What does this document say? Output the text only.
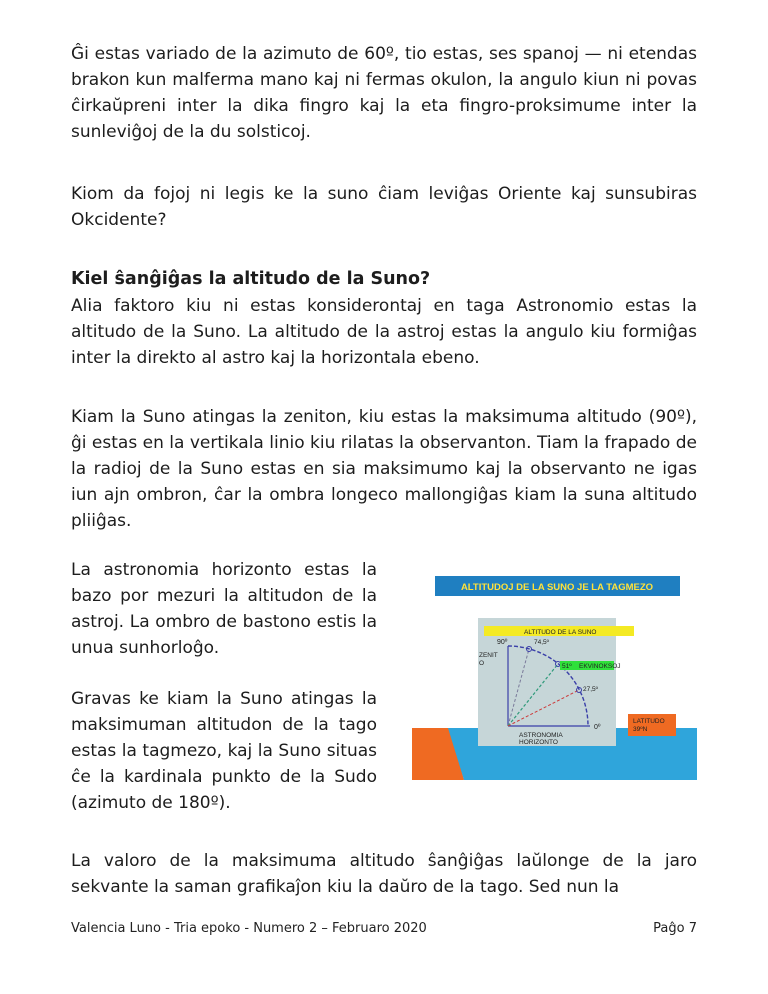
Ĝi estas variado de la azimuto de 60º, tio estas, ses spanoj — ni etendas brakon kun malferma mano kaj ni fermas okulon, la angulo kiun ni povas ĉirkaŭpreni inter la dika fingro kaj la eta fingro-proksimume inter la sunleviĝoj de la du solsticoj.

Kiom da fojoj ni legis ke la suno ĉiam leviĝas Oriente kaj sunsubiras Okcidente?

Kiel ŝanĝiĝas la altitudo de la Suno?

Alia faktoro kiu ni estas konsiderontaj en taga Astronomio estas la altitudo de la Suno. La altitudo de la astroj estas la angulo kiu formiĝas inter la direkto al astro kaj la horizontala ebeno.

Kiam la Suno atingas la zeniton, kiu estas la maksimuma altitudo (90º), ĝi estas en la vertikala linio kiu rilatas la observanton. Tiam la frapado de la radioj de la Suno estas en sia maksimumo kaj la observanto ne igas iun ajn ombron, ĉar la ombra longeco mallongiĝas kiam la suna altitudo pliiĝas.

La astronomia horizonto estas la bazo por mezuri la altitudon de la astroj. La ombro de bastono estis la unua sunhorloĝo.

Gravas ke kiam la Suno atingas la maksimuman altitudon de la tago estas la tagmezo, kaj la Suno situas ĉe la kardinala punkto de la Sudo (azimuto de 180º).

La valoro de la maksimuma altitudo ŝanĝiĝas laŭlonge de la jaro sekvante la saman grafikaĵon kiu la daŭro de la tago. Sed nun la

ALTITUDOJ DE LA SUNO JE LA TAGMEZO
ALTITUDO DE LA SUNO
ZENIT
O
90º	74,5º
51º EKVINOKSOJ
27,5º
0º
ASTRONOMIA
HORIZONTO
LATITUDO
39ºN
Valencia Luno - Tria epoko - Numero 2 – Februaro 2020	Paĝo 7
